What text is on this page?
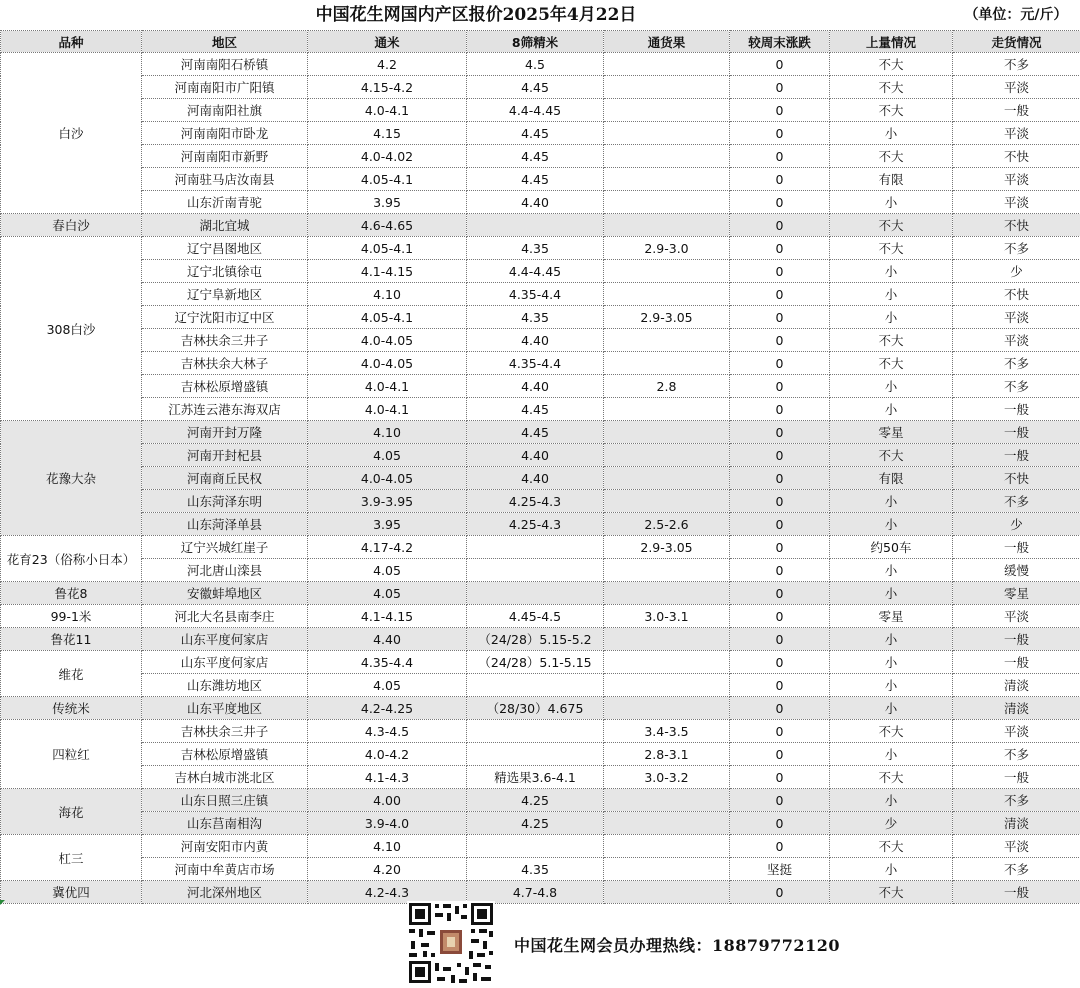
中国花生网国内产区报价2025年4月22日	（单位：元/斤）
品种	地区	通米	8筛精米	通货果	较周末涨跌	上量情况	走货情况
白沙	河南南阳石桥镇	4.2	4.5		0	不大	不多
	河南南阳市广阳镇	4.15-4.2	4.45		0	不大	平淡
	河南南阳社旗	4.0-4.1	4.4-4.45		0	不大	一般
	河南南阳市卧龙	4.15	4.45		0	小	平淡
	河南南阳市新野	4.0-4.02	4.45		0	不大	不快
	河南驻马店汝南县	4.05-4.1	4.45		0	有限	平淡
	山东沂南青驼	3.95	4.40		0	小	平淡
春白沙	湖北宜城	4.6-4.65			0	不大	不快
308白沙	辽宁昌图地区	4.05-4.1	4.35	2.9-3.0	0	不大	不多
	辽宁北镇徐屯	4.1-4.15	4.4-4.45		0	小	少
	辽宁阜新地区	4.10	4.35-4.4		0	小	不快
	辽宁沈阳市辽中区	4.05-4.1	4.35	2.9-3.05	0	小	平淡
	吉林扶余三井子	4.0-4.05	4.40		0	不大	平淡
	吉林扶余大林子	4.0-4.05	4.35-4.4		0	不大	不多
	吉林松原增盛镇	4.0-4.1	4.40	2.8	0	小	不多
	江苏连云港东海双店	4.0-4.1	4.45		0	小	一般
花豫大杂	河南开封万隆	4.10	4.45		0	零星	一般
	河南开封杞县	4.05	4.40		0	不大	一般
	河南商丘民权	4.0-4.05	4.40		0	有限	不快
	山东菏泽东明	3.9-3.95	4.25-4.3		0	小	不多
	山东菏泽单县	3.95	4.25-4.3	2.5-2.6	0	小	少
花育23（俗称小日本）	辽宁兴城红崖子	4.17-4.2		2.9-3.05	0	约50车	一般
	河北唐山滦县	4.05			0	小	缓慢
鲁花8	安徽蚌埠地区	4.05			0	小	零星
99-1米	河北大名县南李庄	4.1-4.15	4.45-4.5	3.0-3.1	0	零星	平淡
鲁花11	山东平度何家店	4.40	（24/28）5.15-5.2		0	小	一般
维花	山东平度何家店	4.35-4.4	（24/28）5.1-5.15		0	小	一般
	山东潍坊地区	4.05			0	小	清淡
传统米	山东平度地区	4.2-4.25	（28/30）4.675		0	小	清淡
四粒红	吉林扶余三井子	4.3-4.5		3.4-3.5	0	不大	平淡
	吉林松原增盛镇	4.0-4.2		2.8-3.1	0	小	不多
	吉林白城市洮北区	4.1-4.3	精选果3.6-4.1	3.0-3.2	0	不大	一般
海花	山东日照三庄镇	4.00	4.25		0	小	不多
	山东莒南相沟	3.9-4.0	4.25		0	少	清淡
杠三	河南安阳市内黄	4.10			0	不大	平淡
	河南中牟黄店市场	4.20	4.35		坚挺	小	不多
冀优四	河北深州地区	4.2-4.3	4.7-4.8		0	不大	一般
中国花生网会员办理热线：18879772120
